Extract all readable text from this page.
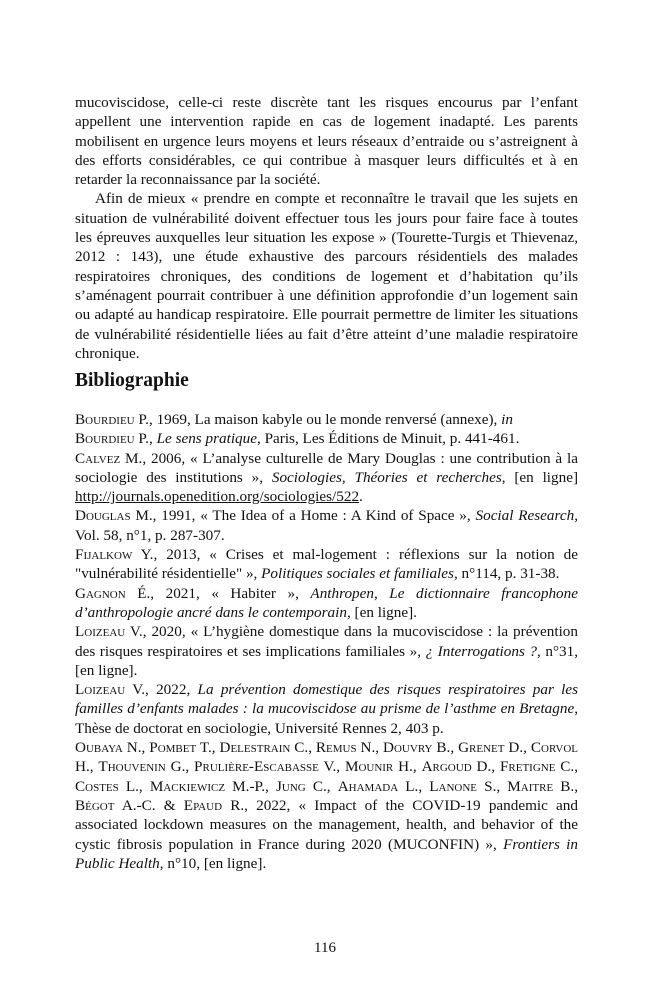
mucoviscidose, celle-ci reste discrète tant les risques encourus par l’enfant appellent une intervention rapide en cas de logement inadapté. Les parents mobilisent en urgence leurs moyens et leurs réseaux d’entraide ou s’astreignent à des efforts considérables, ce qui contribue à masquer leurs difficultés et à en retarder la reconnaissance par la société.

Afin de mieux « prendre en compte et reconnaître le travail que les sujets en situation de vulnérabilité doivent effectuer tous les jours pour faire face à toutes les épreuves auxquelles leur situation les expose » (Tourette-Turgis et Thievenaz, 2012 : 143), une étude exhaustive des parcours résidentiels des malades respiratoires chroniques, des conditions de logement et d’habitation qu’ils s’aménagent pourrait contribuer à une définition approfondie d’un logement sain ou adapté au handicap respiratoire. Elle pourrait permettre de limiter les situations de vulnérabilité résidentielle liées au fait d’être atteint d’une maladie respiratoire chronique.

Bibliographie

Bourdieu P., 1969, La maison kabyle ou le monde renversé (annexe), in
Bourdieu P., Le sens pratique, Paris, Les Éditions de Minuit, p. 441-461.

Calvez M., 2006, « L’analyse culturelle de Mary Douglas : une contribution à la sociologie des institutions », Sociologies, Théories et recherches, [en ligne] http://journals.openedition.org/sociologies/522.

Douglas M., 1991, « The Idea of a Home : A Kind of Space », Social Research, Vol. 58, n°1, p. 287-307.

Fijalkow Y., 2013, « Crises et mal-logement : réflexions sur la notion de "vulnérabilité résidentielle" », Politiques sociales et familiales, n°114, p. 31-38.

Gagnon É., 2021, « Habiter », Anthropen, Le dictionnaire francophone d’anthropologie ancré dans le contemporain, [en ligne].

Loizeau V., 2020, « L’hygiène domestique dans la mucoviscidose : la prévention des risques respiratoires et ses implications familiales », ¿ Interrogations ?, n°31, [en ligne].

Loizeau V., 2022, La prévention domestique des risques respiratoires par les familles d’enfants malades : la mucoviscidose au prisme de l’asthme en Bretagne, Thèse de doctorat en sociologie, Université Rennes 2, 403 p.

Oubaya N., Pombet T., Delestrain C., Remus N., Douvry B., Grenet D., Corvol H., Thouvenin G., Prulière-Escabasse V., Mounir H., Argoud D., Fretigne C., Costes L., Mackiewicz M.-P., Jung C., Ahamada L., Lanone S., Maitre B., Bégot A.-C. & Epaud R., 2022, « Impact of the COVID-19 pandemic and associated lockdown measures on the management, health, and behavior of the cystic fibrosis population in France during 2020 (MUCONFIN) », Frontiers in Public Health, n°10, [en ligne].

116
